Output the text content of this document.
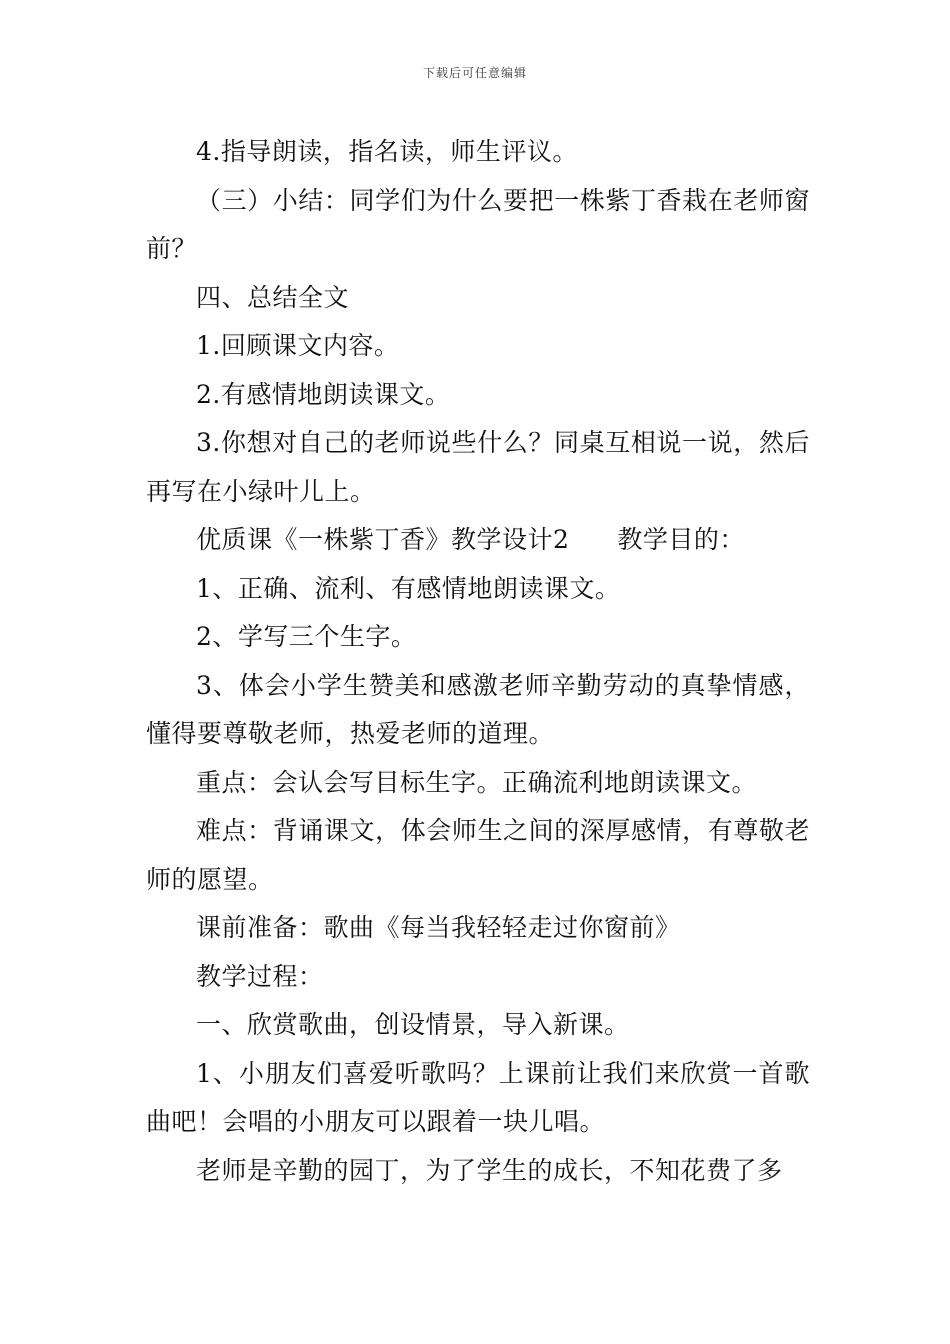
下载后可任意编辑

4.指导朗读，指名读，师生评议。

（三）小结：同学们为什么要把一株紫丁香栽在老师窗前？

四、总结全文

1.回顾课文内容。

2.有感情地朗读课文。

3.你想对自己的老师说些什么？同桌互相说一说，然后再写在小绿叶儿上。

优质课《一株紫丁香》教学设计2 教学目的：

1、正确、流利、有感情地朗读课文。

2、学写三个生字。

3、体会小学生赞美和感激老师辛勤劳动的真挚情感，懂得要尊敬老师，热爱老师的道理。

重点：会认会写目标生字。正确流利地朗读课文。

难点：背诵课文，体会师生之间的深厚感情，有尊敬老师的愿望。

课前准备：歌曲《每当我轻轻走过你窗前》

教学过程：

一、欣赏歌曲，创设情景，导入新课。

1、小朋友们喜爱听歌吗？上课前让我们来欣赏一首歌曲吧！会唱的小朋友可以跟着一块儿唱。

老师是辛勤的园丁，为了学生的成长，不知花费了多
